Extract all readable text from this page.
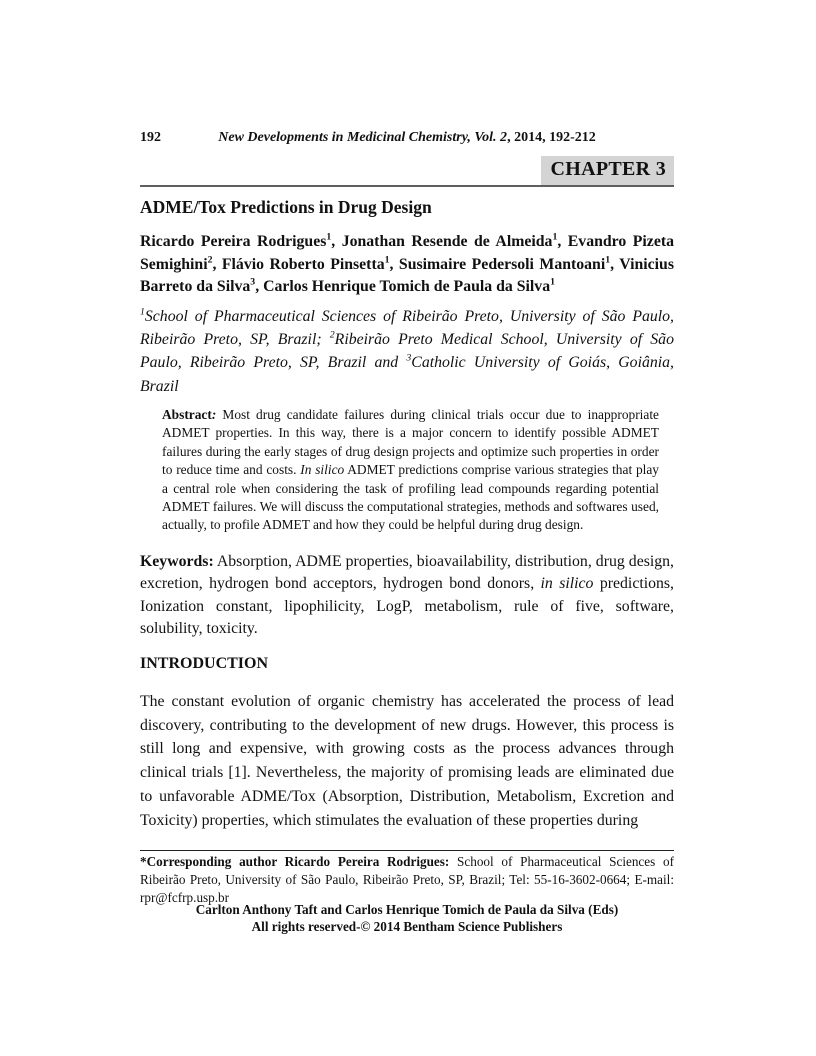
192	New Developments in Medicinal Chemistry, Vol. 2, 2014, 192-212
CHAPTER 3
ADME/Tox Predictions in Drug Design

Ricardo Pereira Rodrigues$^1$, Jonathan Resende de Almeida$^1$, Evandro Pizeta Semighini$^2$, Flávio Roberto Pinsetta$^1$, Susimaire Pedersoli Mantoani$^1$, Vinicius Barreto da Silva$^3$, Carlos Henrique Tomich de Paula da Silva$^1$

$^1$School of Pharmaceutical Sciences of Ribeirão Preto, University of São Paulo, Ribeirão Preto, SP, Brazil; $^2$Ribeirão Preto Medical School, University of São Paulo, Ribeirão Preto, SP, Brazil and $^3$Catholic University of Goiás, Goiânia, Brazil

Abstract: Most drug candidate failures during clinical trials occur due to inappropriate ADMET properties. In this way, there is a major concern to identify possible ADMET failures during the early stages of drug design projects and optimize such properties in order to reduce time and costs. In silico ADMET predictions comprise various strategies that play a central role when considering the task of profiling lead compounds regarding potential ADMET failures. We will discuss the computational strategies, methods and softwares used, actually, to profile ADMET and how they could be helpful during drug design.

Keywords: Absorption, ADME properties, bioavailability, distribution, drug design, excretion, hydrogen bond acceptors, hydrogen bond donors, in silico predictions, Ionization constant, lipophilicity, LogP, metabolism, rule of five, software, solubility, toxicity.

INTRODUCTION

The constant evolution of organic chemistry has accelerated the process of lead discovery, contributing to the development of new drugs. However, this process is still long and expensive, with growing costs as the process advances through clinical trials [1]. Nevertheless, the majority of promising leads are eliminated due to unfavorable ADME/Tox (Absorption, Distribution, Metabolism, Excretion and Toxicity) properties, which stimulates the evaluation of these properties during

*Corresponding author Ricardo Pereira Rodrigues: School of Pharmaceutical Sciences of Ribeirão Preto, University of São Paulo, Ribeirão Preto, SP, Brazil; Tel: 55-16-3602-0664; E-mail: rpr@fcfrp.usp.br

Carlton Anthony Taft and Carlos Henrique Tomich de Paula da Silva (Eds)
All rights reserved-© 2014 Bentham Science Publishers
